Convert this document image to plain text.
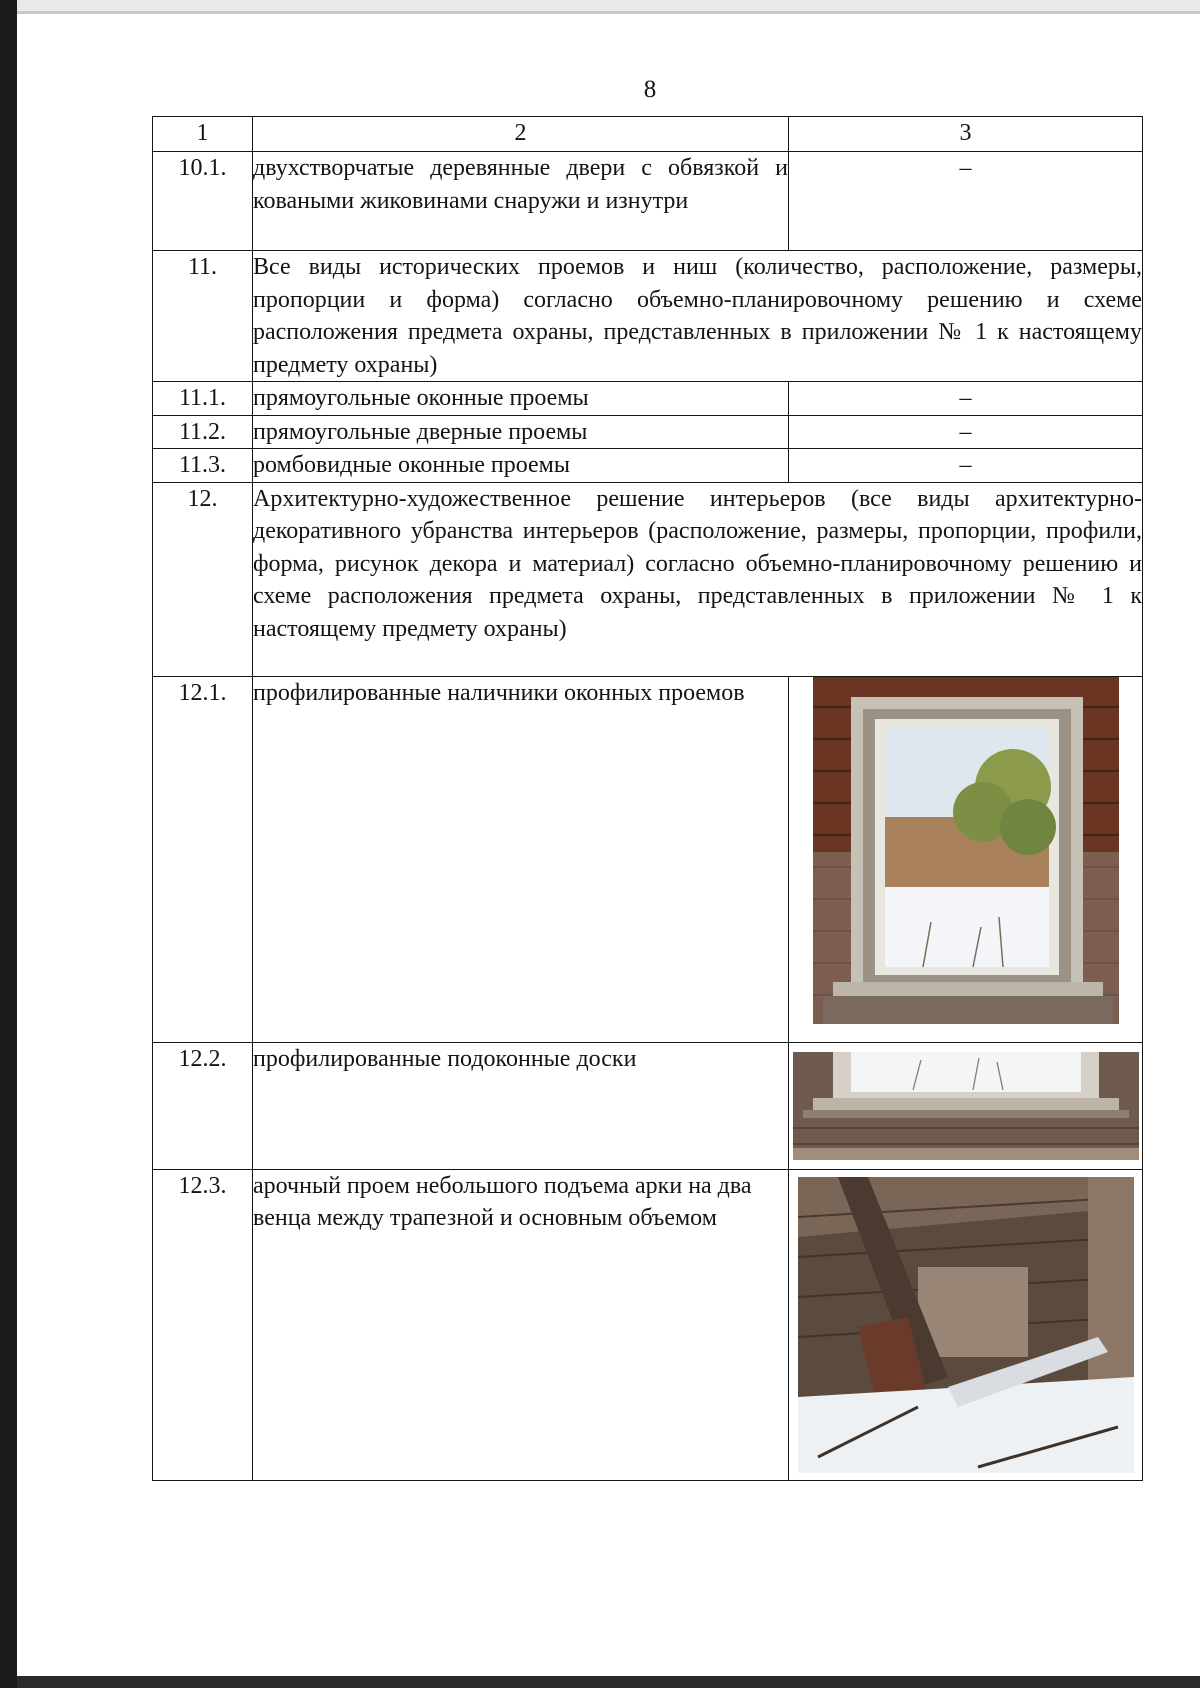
8
1	2	3
10.1.	двухстворчатые деревянные двери с обвязкой и коваными жиковинами снаружи и изнутри	–
11.	Все виды исторических проемов и ниш (количество, расположение, размеры, пропорции и форма) согласно объемно-планировочному решению и схеме расположения предмета охраны, представленных в приложении № 1 к настоящему предмету охраны)	
11.1.	прямоугольные оконные проемы	–
11.2.	прямоугольные дверные проемы	–
11.3.	ромбовидные оконные проемы	–
12.	Архитектурно-художественное решение интерьеров (все виды архитектурно-декоративного убранства интерьеров (расположение, размеры, пропорции, профили, форма, рисунок декора и материал) согласно объемно-планировочному решению и схеме расположения предмета охраны, представленных в приложении № 1 к настоящему предмету охраны)	
12.1.	профилированные наличники оконных проемов	

12.2.	профилированные подоконные доски	

12.3.	арочный проем небольшого подъема арки на два венца между трапезной и основным объемом	
